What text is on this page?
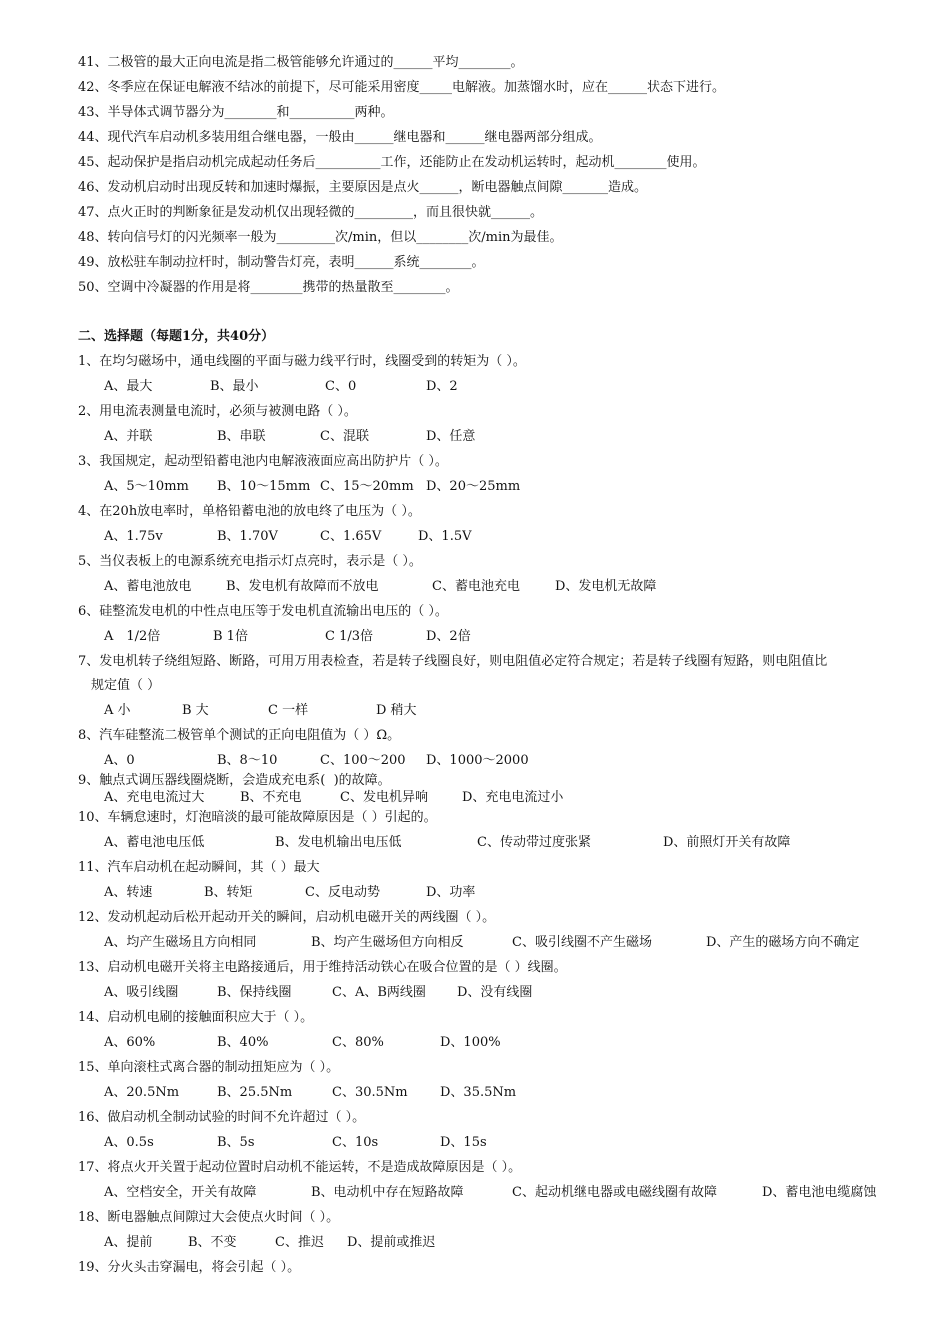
41、二极管的最大正向电流是指二极管能够允许通过的______平均________。
42、冬季应在保证电解液不结冰的前提下，尽可能采用密度_____电解液。加蒸馏水时，应在______状态下进行。
43、半导体式调节器分为________和__________两种。
44、现代汽车启动机多装用组合继电器，一般由______继电器和______继电器两部分组成。
45、起动保护是指启动机完成起动任务后__________工作，还能防止在发动机运转时，起动机________使用。
46、发动机启动时出现反转和加速时爆振，主要原因是点火______，断电器触点间隙_______造成。
47、点火正时的判断象征是发动机仅出现轻微的_________，而且很快就______。
48、转向信号灯的闪光频率一般为_________次/min，但以________次/min为最佳。
49、放松驻车制动拉杆时，制动警告灯亮，表明______系统________。
50、空调中冷凝器的作用是将________携带的热量散至________。
二、选择题（每题1分，共40分）
1、在均匀磁场中，通电线圈的平面与磁力线平行时，线圈受到的转矩为（ ）。
A、最大	B、最小	C、0	D、2
2、用电流表测量电流时，必须与被测电路（ ）。
A、并联	B、串联	C、混联	D、任意
3、我国规定，起动型铅蓄电池内电解液液面应高出防护片（ ）。
A、5～10mm B、10～15mm C、15～20mm D、20～25mm
4、在20h放电率时，单格铅蓄电池的放电终了电压为（ ）。
A、1.75v	B、1.70V	C、1.65V	D、1.5V
5、当仪表板上的电源系统充电指示灯点亮时，表示是（ ）。
A、蓄电池放电	B、发电机有故障而不放电	C、蓄电池充电	D、发电机无故障
6、硅整流发电机的中性点电压等于发电机直流输出电压的（ ）。
A　1/2倍	B 1倍	C 1/3倍	D、2倍
7、发电机转子绕组短路、断路，可用万用表检查，若是转子线圈良好，则电阻值必定符合规定；若是转子线圈有短路，则电阻值比
规定值（ ）
A 小	B 大	C 一样	D 稍大
8、汽车硅整流二极管单个测试的正向电阻值为（ ）Ω。
A、0	B、8～10	C、100～200 D、1000～2000
9、触点式调压器线圈烧断，会造成充电系(  )的故障。
A、充电电流过大	B、不充电	C、发电机异响	D、充电电流过小
10、车辆怠速时，灯泡暗淡的最可能故障原因是（ ）引起的。
A、蓄电池电压低	B、发电机输出电压低	C、传动带过度张紧	D、前照灯开关有故障
11、汽车启动机在起动瞬间，其（ ）最大
A、转速	B、转矩	C、反电动势	D、功率
12、发动机起动后松开起动开关的瞬间，启动机电磁开关的两线圈（ ）。
A、均产生磁场且方向相同	B、均产生磁场但方向相反	C、吸引线圈不产生磁场	D、产生的磁场方向不确定
13、启动机电磁开关将主电路接通后，用于维持活动铁心在吸合位置的是（ ）线圈。
A、吸引线圈	B、保持线圈	C、A、B两线圈 D、没有线圈
14、启动机电刷的接触面积应大于（ ）。
A、60%	B、40%	C、80%	D、100%
15、单向滚柱式离合器的制动扭矩应为（ ）。
A、20.5Nm	B、25.5Nm	C、30.5Nm D、35.5Nm
16、做启动机全制动试验的时间不允许超过（ ）。
A、0.5s	B、5s	C、10s	D、15s
17、将点火开关置于起动位置时启动机不能运转，不是造成故障原因是（ ）。
A、空档安全，开关有故障	B、电动机中存在短路故障	C、起动机继电器或电磁线圈有故障	D、蓄电池电缆腐蚀
18、断电器触点间隙过大会使点火时间（ ）。
A、提前	B、不变	C、推迟 D、提前或推迟
19、分火头击穿漏电，将会引起（ ）。
